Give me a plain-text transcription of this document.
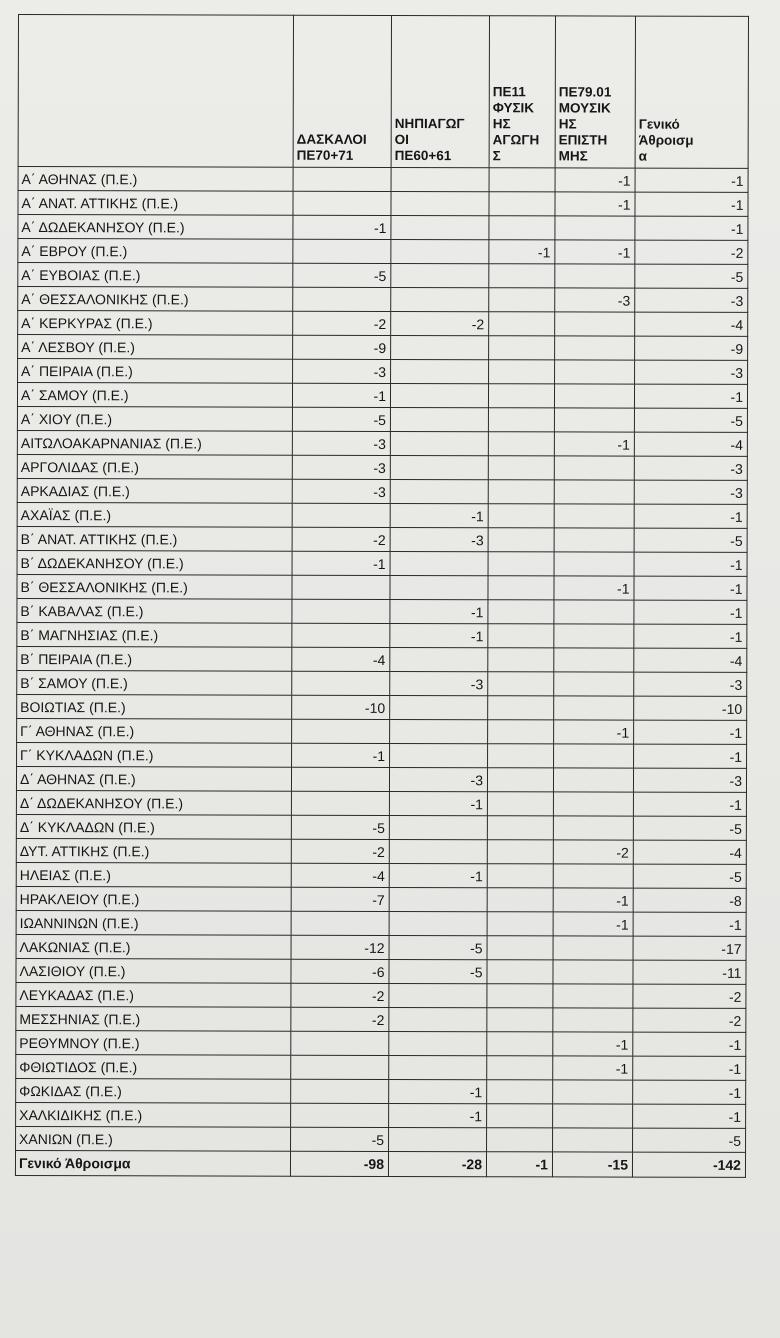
	ΔΑΣΚΑΛΟΙ
ΠΕ70+71	ΝΗΠΙΑΓΩΓ
ΟΙ
ΠΕ60+61	ΠΕ11
ΦΥΣΙΚ
ΗΣ
ΑΓΩΓΗ
Σ	ΠΕ79.01
ΜΟΥΣΙΚ
ΗΣ
ΕΠΙΣΤΗ
ΜΗΣ	Γενικό
Άθροισμ
α

Α΄ ΑΘΗΝΑΣ (Π.Ε.)				-1	-1
Α΄ ΑΝΑΤ. ΑΤΤΙΚΗΣ (Π.Ε.)				-1	-1
Α΄ ΔΩΔΕΚΑΝΗΣΟΥ (Π.Ε.)	-1				-1
Α΄ ΕΒΡΟΥ (Π.Ε.)			-1	-1	-2
Α΄ ΕΥΒΟΙΑΣ (Π.Ε.)	-5				-5
Α΄ ΘΕΣΣΑΛΟΝΙΚΗΣ (Π.Ε.)				-3	-3
Α΄ ΚΕΡΚΥΡΑΣ (Π.Ε.)	-2	-2			-4
Α΄ ΛΕΣΒΟΥ (Π.Ε.)	-9				-9
Α΄ ΠΕΙΡΑΙΑ (Π.Ε.)	-3				-3
Α΄ ΣΑΜΟΥ (Π.Ε.)	-1				-1
Α΄ ΧΙΟΥ (Π.Ε.)	-5				-5
ΑΙΤΩΛΟΑΚΑΡΝΑΝΙΑΣ (Π.Ε.)	-3			-1	-4
ΑΡΓΟΛΙΔΑΣ (Π.Ε.)	-3				-3
ΑΡΚΑΔΙΑΣ (Π.Ε.)	-3				-3
ΑΧΑΪΑΣ (Π.Ε.)		-1			-1
Β΄ ΑΝΑΤ. ΑΤΤΙΚΗΣ (Π.Ε.)	-2	-3			-5
Β΄ ΔΩΔΕΚΑΝΗΣΟΥ (Π.Ε.)	-1				-1
Β΄ ΘΕΣΣΑΛΟΝΙΚΗΣ (Π.Ε.)				-1	-1
Β΄ ΚΑΒΑΛΑΣ (Π.Ε.)		-1			-1
Β΄ ΜΑΓΝΗΣΙΑΣ (Π.Ε.)		-1			-1
Β΄ ΠΕΙΡΑΙΑ (Π.Ε.)	-4				-4
Β΄ ΣΑΜΟΥ (Π.Ε.)		-3			-3
ΒΟΙΩΤΙΑΣ (Π.Ε.)	-10				-10
Γ΄ ΑΘΗΝΑΣ (Π.Ε.)				-1	-1
Γ΄ ΚΥΚΛΑΔΩΝ (Π.Ε.)	-1				-1
Δ΄ ΑΘΗΝΑΣ (Π.Ε.)		-3			-3
Δ΄ ΔΩΔΕΚΑΝΗΣΟΥ (Π.Ε.)		-1			-1
Δ΄ ΚΥΚΛΑΔΩΝ (Π.Ε.)	-5				-5
ΔΥΤ. ΑΤΤΙΚΗΣ (Π.Ε.)	-2			-2	-4
ΗΛΕΙΑΣ (Π.Ε.)	-4	-1			-5
ΗΡΑΚΛΕΙΟΥ (Π.Ε.)	-7			-1	-8
ΙΩΑΝΝΙΝΩΝ (Π.Ε.)				-1	-1
ΛΑΚΩΝΙΑΣ (Π.Ε.)	-12	-5			-17
ΛΑΣΙΘΙΟΥ (Π.Ε.)	-6	-5			-11
ΛΕΥΚΑΔΑΣ (Π.Ε.)	-2				-2
ΜΕΣΣΗΝΙΑΣ (Π.Ε.)	-2				-2
ΡΕΘΥΜΝΟΥ (Π.Ε.)				-1	-1
ΦΘΙΩΤΙΔΟΣ (Π.Ε.)				-1	-1
ΦΩΚΙΔΑΣ (Π.Ε.)		-1			-1
ΧΑΛΚΙΔΙΚΗΣ (Π.Ε.)		-1			-1
ΧΑΝΙΩΝ (Π.Ε.)	-5				-5
Γενικό Άθροισμα	-98	-28	-1	-15	-142
